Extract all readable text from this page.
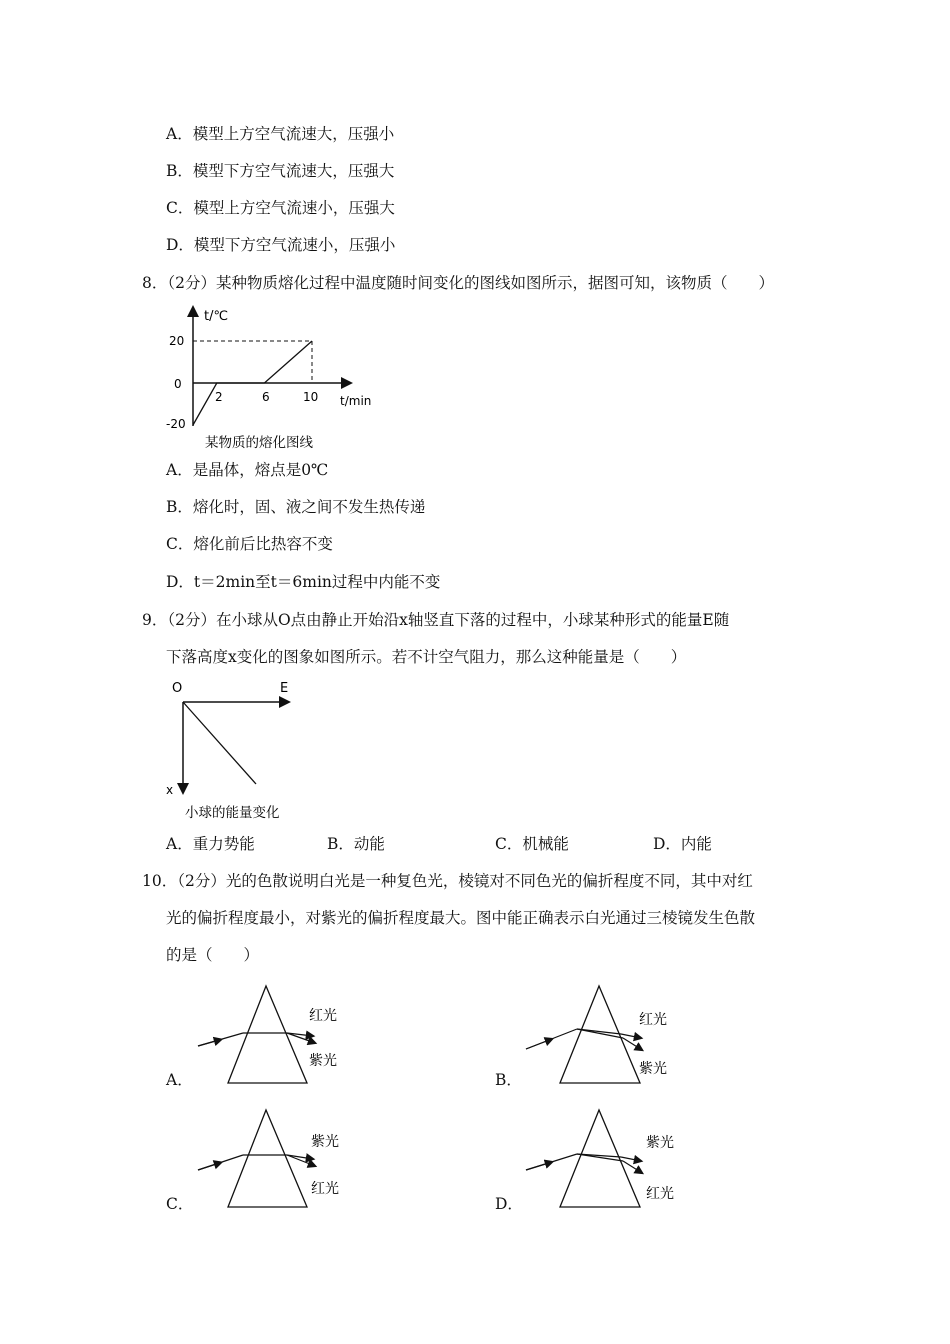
A．模型上方空气流速大，压强小
B．模型下方空气流速大，压强大
C．模型上方空气流速小，压强大
D．模型下方空气流速小，压强小
8．（2分）某种物质熔化过程中温度随时间变化的图线如图所示，据图可知，该物质（　　）
t/℃
t/min
20
0
-20
2	6	10
某物质的熔化图线
A．是晶体，熔点是0℃
B．熔化时，固、液之间不发生热传递
C．熔化前后比热容不变
D．t＝2min至t＝6min过程中内能不变
9．（2分）在小球从O点由静止开始沿x轴竖直下落的过程中，小球某种形式的能量E随
下落高度x变化的图象如图所示。若不计空气阻力，那么这种能量是（　　）
O	E
x
小球的能量变化
A．重力势能	B．动能	C．机械能	D．内能
10．（2分）光的色散说明白光是一种复色光，棱镜对不同色光的偏折程度不同，其中对红
光的偏折程度最小，对紫光的偏折程度最大。图中能正确表示白光通过三棱镜发生色散
的是（　　）
A．
红光
紫光
B．
红光
紫光
C．
紫光
红光
D．
紫光
红光
